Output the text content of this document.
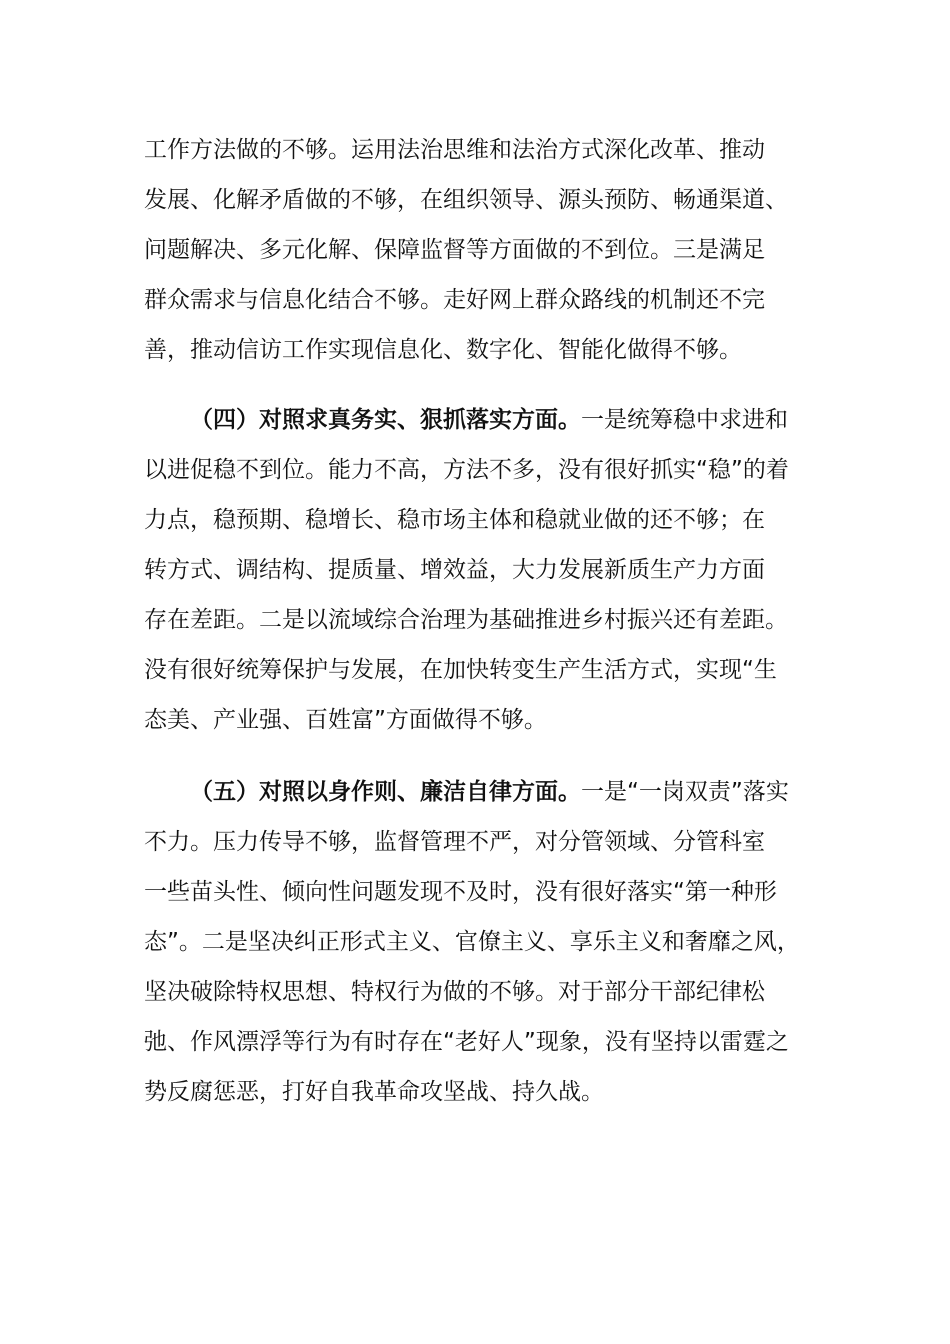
工作方法做的不够。运用法治思维和法治方式深化改革、推动
发展、化解矛盾做的不够，在组织领导、源头预防、畅通渠道、
问题解决、多元化解、保障监督等方面做的不到位。三是满足
群众需求与信息化结合不够。走好网上群众路线的机制还不完
善，推动信访工作实现信息化、数字化、智能化做得不够。
（四）对照求真务实、狠抓落实方面。一是统筹稳中求进和
以进促稳不到位。能力不高，方法不多，没有很好抓实“稳”的着
力点，稳预期、稳增长、稳市场主体和稳就业做的还不够；在
转方式、调结构、提质量、增效益，大力发展新质生产力方面
存在差距。二是以流域综合治理为基础推进乡村振兴还有差距。
没有很好统筹保护与发展，在加快转变生产生活方式，实现“生
态美、产业强、百姓富”方面做得不够。
（五）对照以身作则、廉洁自律方面。一是“一岗双责”落实
不力。压力传导不够，监督管理不严，对分管领域、分管科室
一些苗头性、倾向性问题发现不及时，没有很好落实“第一种形
态”。二是坚决纠正形式主义、官僚主义、享乐主义和奢靡之风，
坚决破除特权思想、特权行为做的不够。对于部分干部纪律松
弛、作风漂浮等行为有时存在“老好人”现象，没有坚持以雷霆之
势反腐惩恶，打好自我革命攻坚战、持久战。
